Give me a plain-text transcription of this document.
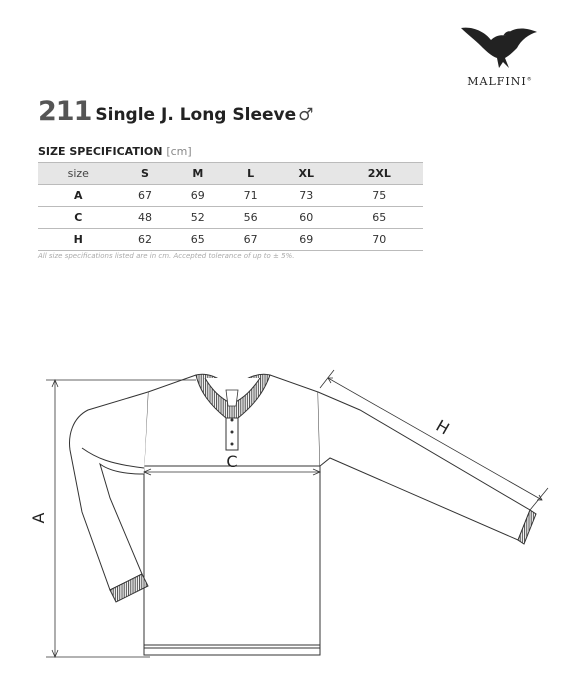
MALFINI®
211 Single J. Long Sleeve ♂
SIZE SPECIFICATION [cm]
size	S	M	L	XL	2XL
A	67	69	71	73	75
C	48	52	56	60	65
H	62	65	67	69	70
All size specifications listed are in cm. Accepted tolerance of up to ± 5%.
A
C
H
